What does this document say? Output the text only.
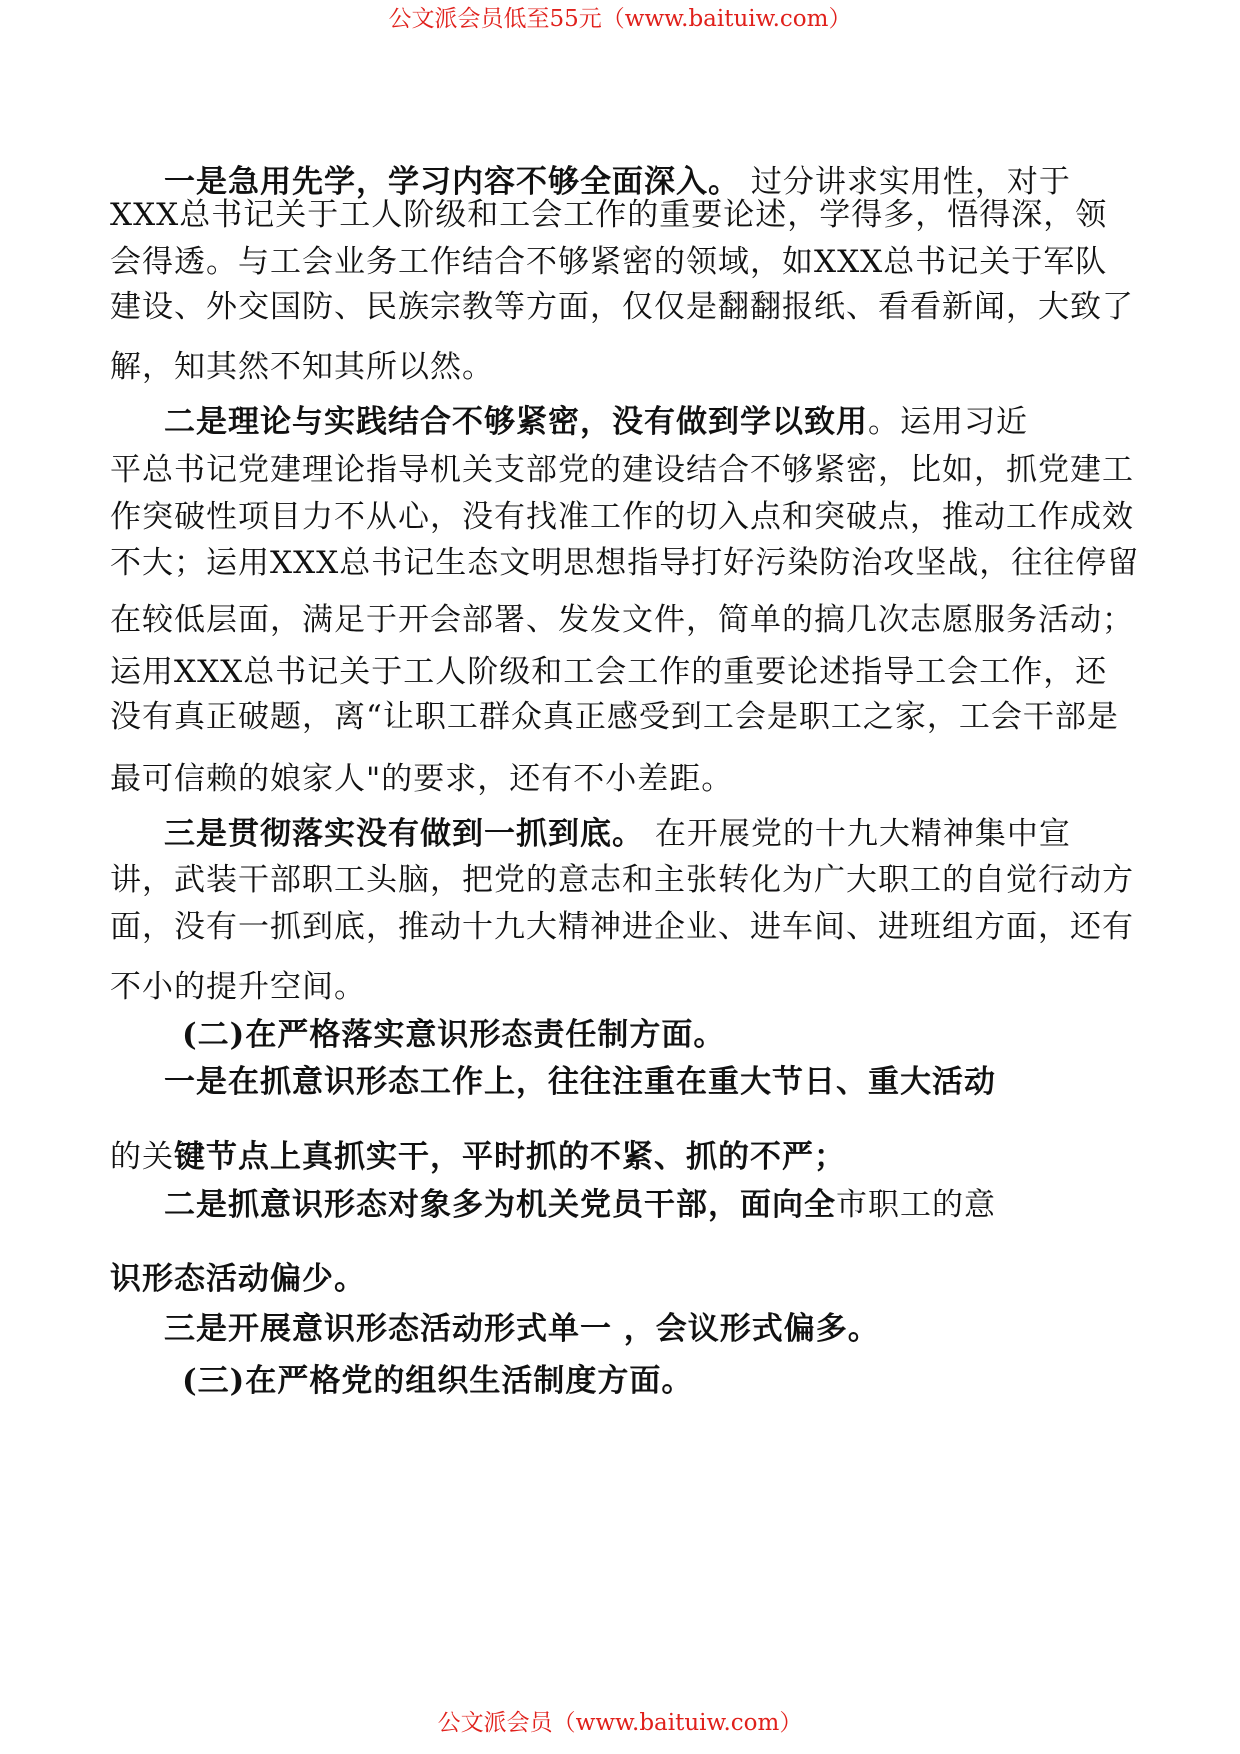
公文派会员低至55元（www.baituiw.com）
一是急用先学，学习内容不够全面深入。 过分讲求实用性，对于
XXX总书记关于工人阶级和工会工作的重要论述，学得多，悟得深，领
会得透。与工会业务工作结合不够紧密的领域，如XXX总书记关于军队
建设、外交国防、民族宗教等方面，仅仅是翻翻报纸、看看新闻，大致了
解，知其然不知其所以然。
二是理论与实践结合不够紧密，没有做到学以致用。运用习近
平总书记党建理论指导机关支部党的建设结合不够紧密，比如，抓党建工
作突破性项目力不从心，没有找准工作的切入点和突破点，推动工作成效
不大；运用XXX总书记生态文明思想指导打好污染防治攻坚战，往往停留
在较低层面，满足于开会部署、发发文件，简单的搞几次志愿服务活动；
运用XXX总书记关于工人阶级和工会工作的重要论述指导工会工作，还
没有真正破题，离“让职工群众真正感受到工会是职工之家，工会干部是
最可信赖的娘家人"的要求，还有不小差距。
三是贯彻落实没有做到一抓到底。 在开展党的十九大精神集中宣
讲，武装干部职工头脑，把党的意志和主张转化为广大职工的自觉行动方
面，没有一抓到底，推动十九大精神进企业、进车间、进班组方面，还有
不小的提升空间。
(二)在严格落实意识形态责任制方面。
一是在抓意识形态工作上，往往注重在重大节日、重大活动
的关键节点上真抓实干，平时抓的不紧、抓的不严；
二是抓意识形态对象多为机关党员干部，面向全市职工的意
识形态活动偏少。
三是开展意识形态活动形式单一 ，会议形式偏多。
(三)在严格党的组织生活制度方面。
公文派会员（www.baituiw.com）
